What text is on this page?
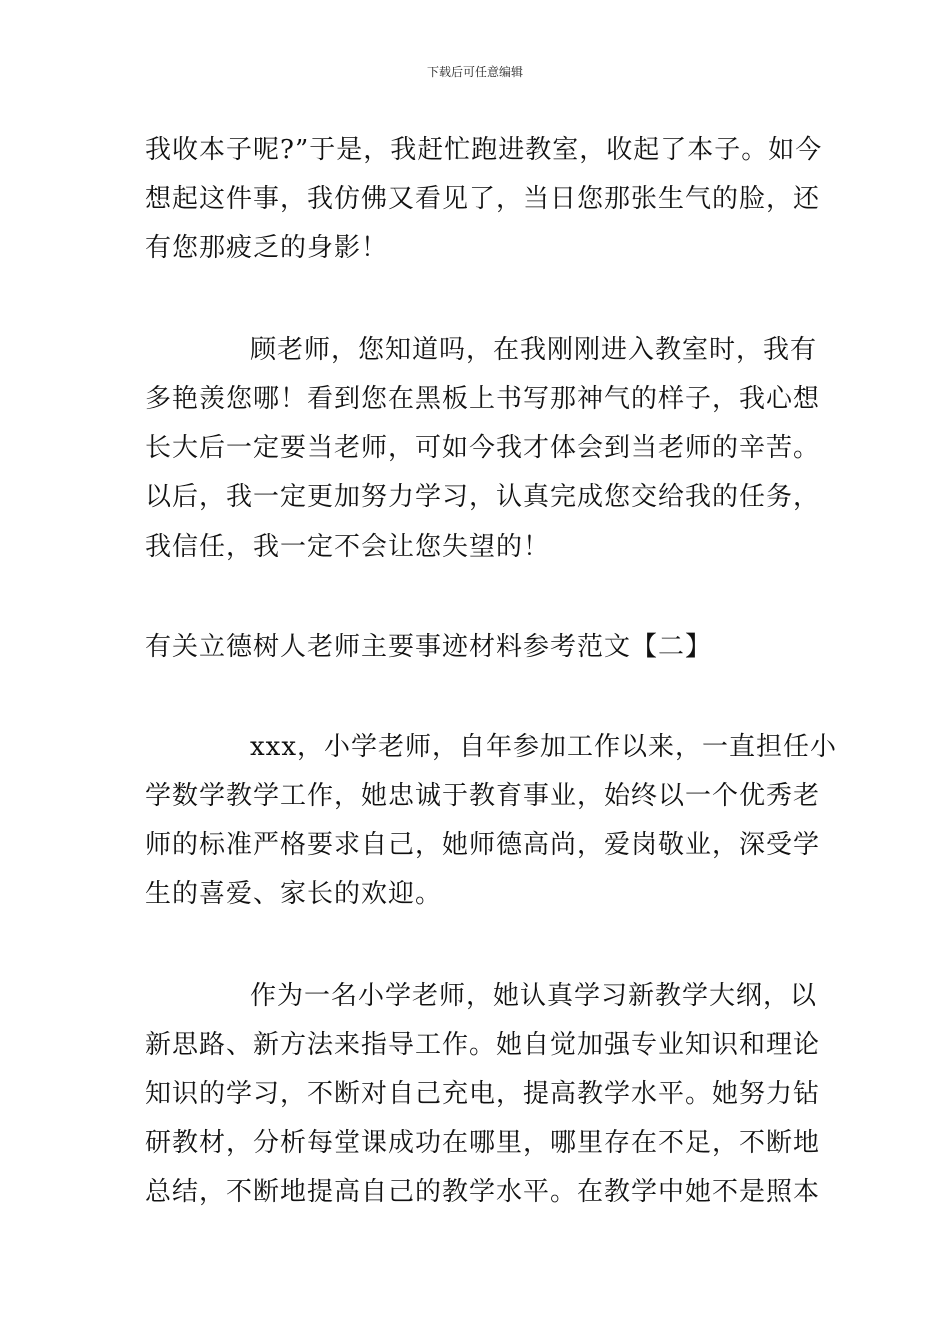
下载后可任意编辑
我收本子呢?”于是，我赶忙跑进教室，收起了本子。如今
想起这件事，我仿佛又看见了，当日您那张生气的脸，还
有您那疲乏的身影！
顾老师，您知道吗，在我刚刚进入教室时，我有
多艳羡您哪！看到您在黑板上书写那神气的样子，我心想
长大后一定要当老师，可如今我才体会到当老师的辛苦。
以后，我一定更加努力学习，认真完成您交给我的任务，
我信任，我一定不会让您失望的！
有关立德树人老师主要事迹材料参考范文【二】
xxx，小学老师，自年参加工作以来，一直担任小
学数学教学工作，她忠诚于教育事业，始终以一个优秀老
师的标准严格要求自己，她师德高尚，爱岗敬业，深受学
生的喜爱、家长的欢迎。
作为一名小学老师，她认真学习新教学大纲，以
新思路、新方法来指导工作。她自觉加强专业知识和理论
知识的学习，不断对自己充电，提高教学水平。她努力钻
研教材，分析每堂课成功在哪里，哪里存在不足，不断地
总结，不断地提高自己的教学水平。在教学中她不是照本
